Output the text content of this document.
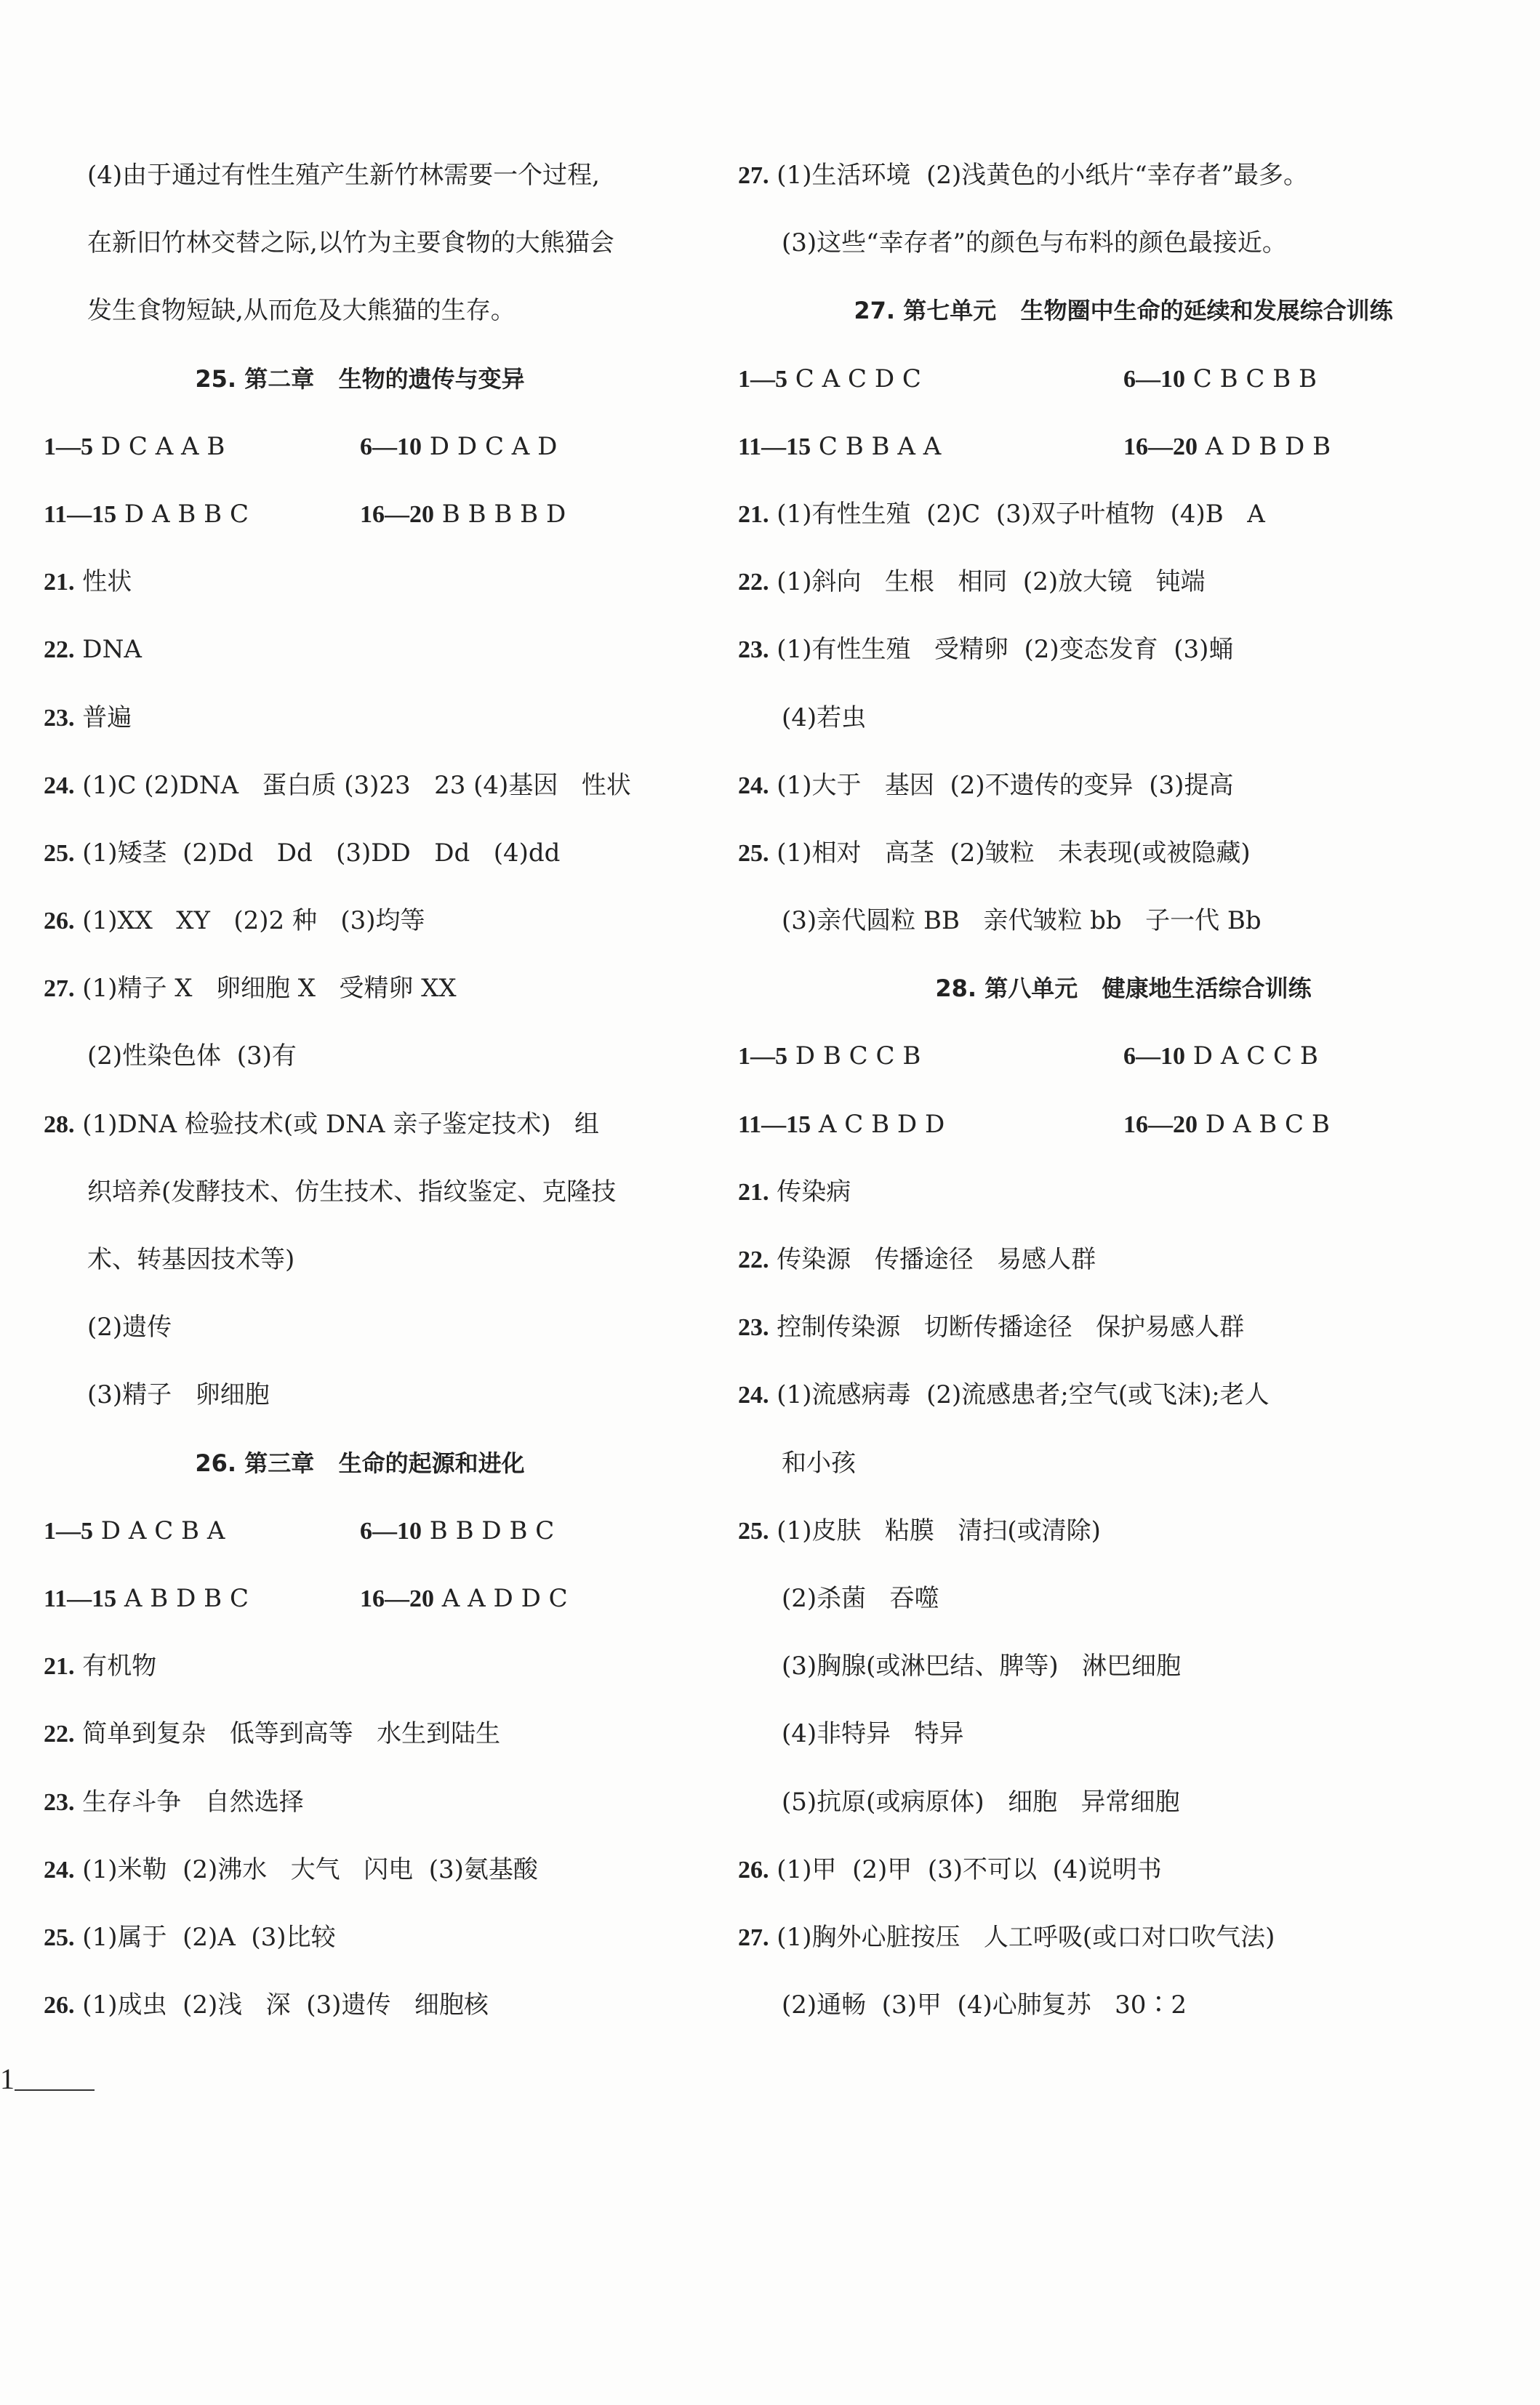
(4)由于通过有性生殖产生新竹林需要一个过程,
在新旧竹林交替之际,以竹为主要食物的大熊猫会
发生食物短缺,从而危及大熊猫的生存。
25. 第二章   生物的遗传与变异
1—5 D C A A B	6—10 D D C A D
11—15 D A B B C	16—20 B B B B D
21. 性状
22. DNA
23. 普遍
24. (1)C (2)DNA   蛋白质 (3)23   23 (4)基因   性状
25. (1)矮茎  (2)Dd   Dd   (3)DD   Dd   (4)dd
26. (1)XX   XY   (2)2 种   (3)均等
27. (1)精子 X   卵细胞 X   受精卵 XX
(2)性染色体  (3)有
28. (1)DNA 检验技术(或 DNA 亲子鉴定技术)   组
织培养(发酵技术、仿生技术、指纹鉴定、克隆技
术、转基因技术等)
(2)遗传
(3)精子   卵细胞
26. 第三章   生命的起源和进化
1—5 D A C B A	6—10 B B D B C
11—15 A B D B C	16—20 A A D D C
21. 有机物
22. 简单到复杂   低等到高等   水生到陆生
23. 生存斗争   自然选择
24. (1)米勒  (2)沸水   大气   闪电  (3)氨基酸
25. (1)属于  (2)A  (3)比较
26. (1)成虫  (2)浅   深  (3)遗传   细胞核
27. (1)生活环境  (2)浅黄色的小纸片“幸存者”最多。
(3)这些“幸存者”的颜色与布料的颜色最接近。
27. 第七单元   生物圈中生命的延续和发展综合训练
1—5 C A C D C	6—10 C B C B B
11—15 C B B A A	16—20 A D B D B
21. (1)有性生殖  (2)C  (3)双子叶植物  (4)B   A
22. (1)斜向   生根   相同  (2)放大镜   钝端
23. (1)有性生殖   受精卵  (2)变态发育  (3)蛹
(4)若虫
24. (1)大于   基因  (2)不遗传的变异  (3)提高
25. (1)相对   高茎  (2)皱粒   未表现(或被隐藏)
(3)亲代圆粒 BB   亲代皱粒 bb   子一代 Bb
28. 第八单元   健康地生活综合训练
1—5 D B C C B	6—10 D A C C B
11—15 A C B D D	16—20 D A B C B
21. 传染病
22. 传染源   传播途径   易感人群
23. 控制传染源   切断传播途径   保护易感人群
24. (1)流感病毒  (2)流感患者;空气(或飞沫);老人
和小孩
25. (1)皮肤   粘膜   清扫(或清除)
(2)杀菌   吞噬
(3)胸腺(或淋巴结、脾等)   淋巴细胞
(4)非特异   特异
(5)抗原(或病原体)   细胞   异常细胞
26. (1)甲  (2)甲  (3)不可以  (4)说明书
27. (1)胸外心脏按压   人工呼吸(或口对口吹气法)
(2)通畅  (3)甲  (4)心肺复苏   30∶2
1
